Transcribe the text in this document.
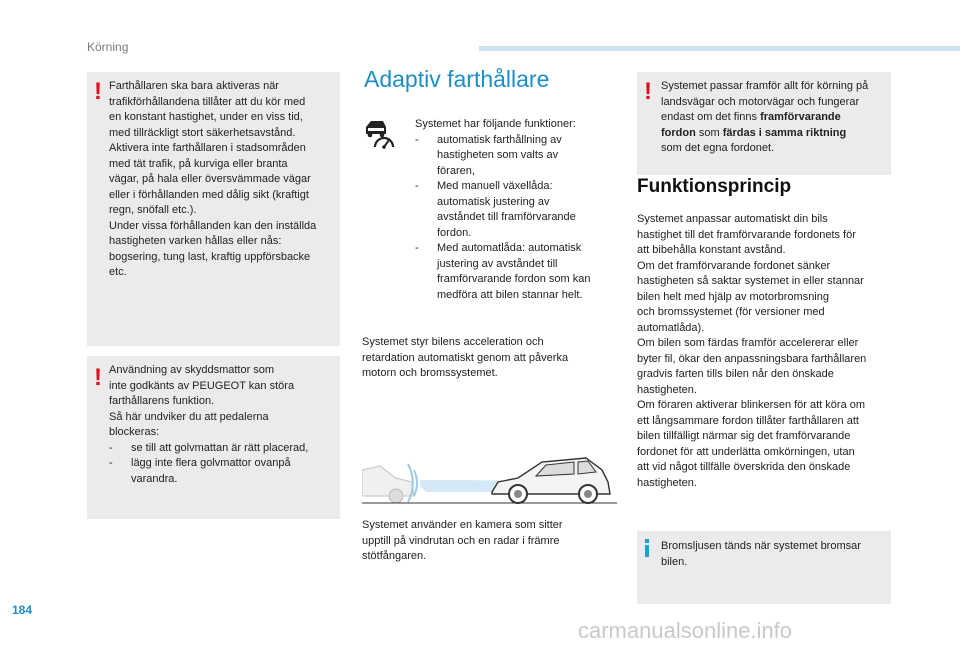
Körning
! Farthållaren ska bara aktiveras när

trafikförhållandena tillåter att du kör med

en konstant hastighet, under en viss tid,

med tillräckligt stort säkerhetsavstånd.

Aktivera inte farthållaren i stadsområden

med tät trafik, på kurviga eller branta

vägar, på hala eller översvämmade vägar

eller i förhållanden med dålig sikt (kraftigt

regn, snöfall etc.).

Under vissa förhållanden kan den inställda

hastigheten varken hållas eller nås:

bogsering, tung last, kraftig uppförsbacke

etc.

! Användning av skyddsmattor som

inte godkänts av PEUGEOT kan störa

farthållarens funktion.

Så här undviker du att pedalerna

blockeras:

-	se till att golvmattan är rätt placerad,

-	lägg inte flera golvmattor ovanpå

varandra.

Adaptiv farthållare

Systemet har följande funktioner:

-	automatisk farthållning av

hastigheten som valts av

föraren,

-	Med manuell växellåda:

automatisk justering av

avståndet till framförvarande

fordon.

-	Med automatlåda: automatisk

justering av avståndet till

framförvarande fordon som kan

medföra att bilen stannar helt.

Systemet styr bilens acceleration och

retardation automatiskt genom att påverka

motorn och bromssystemet.

Systemet använder en kamera som sitter

upptill på vindrutan och en radar i främre

stötfångaren.

! Systemet passar framför allt för körning på

landsvägar och motorvägar och fungerar

endast om det finns framförvarande

fordon som färdas i samma riktning

som det egna fordonet.

Funktionsprincip

Systemet anpassar automatiskt din bils

hastighet till det framförvarande fordonets för

att bibehålla konstant avstånd.

Om det framförvarande fordonet sänker

hastigheten så saktar systemet in eller stannar

bilen helt med hjälp av motorbromsning

och bromssystemet (för versioner med

automatlåda).

Om bilen som färdas framför accelererar eller

byter fil, ökar den anpassningsbara farthållaren

gradvis farten tills bilen når den önskade

hastigheten.

Om föraren aktiverar blinkersen för att köra om

ett långsammare fordon tillåter farthållaren att

bilen tillfälligt närmar sig det framförvarande

fordonet för att underlätta omkörningen, utan

att vid något tillfälle överskrida den önskade

hastigheten.

Bromsljusen tänds när systemet bromsar

bilen.

184
carmanualsonline.info
